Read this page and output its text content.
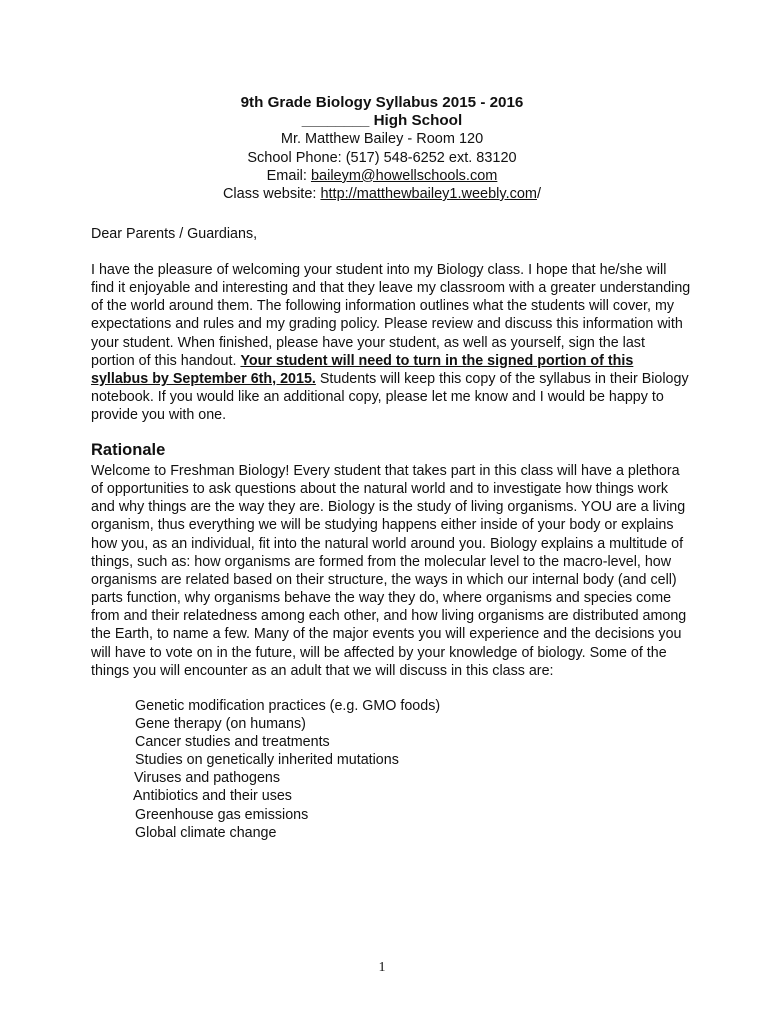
9th Grade Biology Syllabus 2015 - 2016
________ High School
Mr. Matthew Bailey - Room 120
School Phone: (517) 548-6252 ext. 83120
Email: baileym@howellschools.com
Class website: http://matthewbailey1.weebly.com/
Dear Parents / Guardians,
I have the pleasure of welcoming your student into my Biology class. I hope that he/she will find it enjoyable and interesting and that they leave my classroom with a greater understanding of the world around them. The following information outlines what the students will cover, my expectations and rules and my grading policy. Please review and discuss this information with your student. When finished, please have your student, as well as yourself, sign the last portion of this handout. Your student will need to turn in the signed portion of this syllabus by September 6th, 2015. Students will keep this copy of the syllabus in their Biology notebook. If you would like an additional copy, please let me know and I would be happy to provide you with one.
Rationale
Welcome to Freshman Biology! Every student that takes part in this class will have a plethora of opportunities to ask questions about the natural world and to investigate how things work and why things are the way they are. Biology is the study of living organisms. YOU are a living organism, thus everything we will be studying happens either inside of your body or explains how you, as an individual, fit into the natural world around you. Biology explains a multitude of things, such as: how organisms are formed from the molecular level to the macro-level, how organisms are related based on their structure, the ways in which our internal body (and cell) parts function, why organisms behave the way they do, where organisms and species come from and their relatedness among each other, and how living organisms are distributed among the Earth, to name a few. Many of the major events you will experience and the decisions you will have to vote on in the future, will be affected by your knowledge of biology. Some of the things you will encounter as an adult that we will discuss in this class are:
Genetic modification practices (e.g. GMO foods)
Gene therapy (on humans)
Cancer studies and treatments
Studies on genetically inherited mutations
Viruses and pathogens
Antibiotics and their uses
Greenhouse gas emissions
Global climate change
1
